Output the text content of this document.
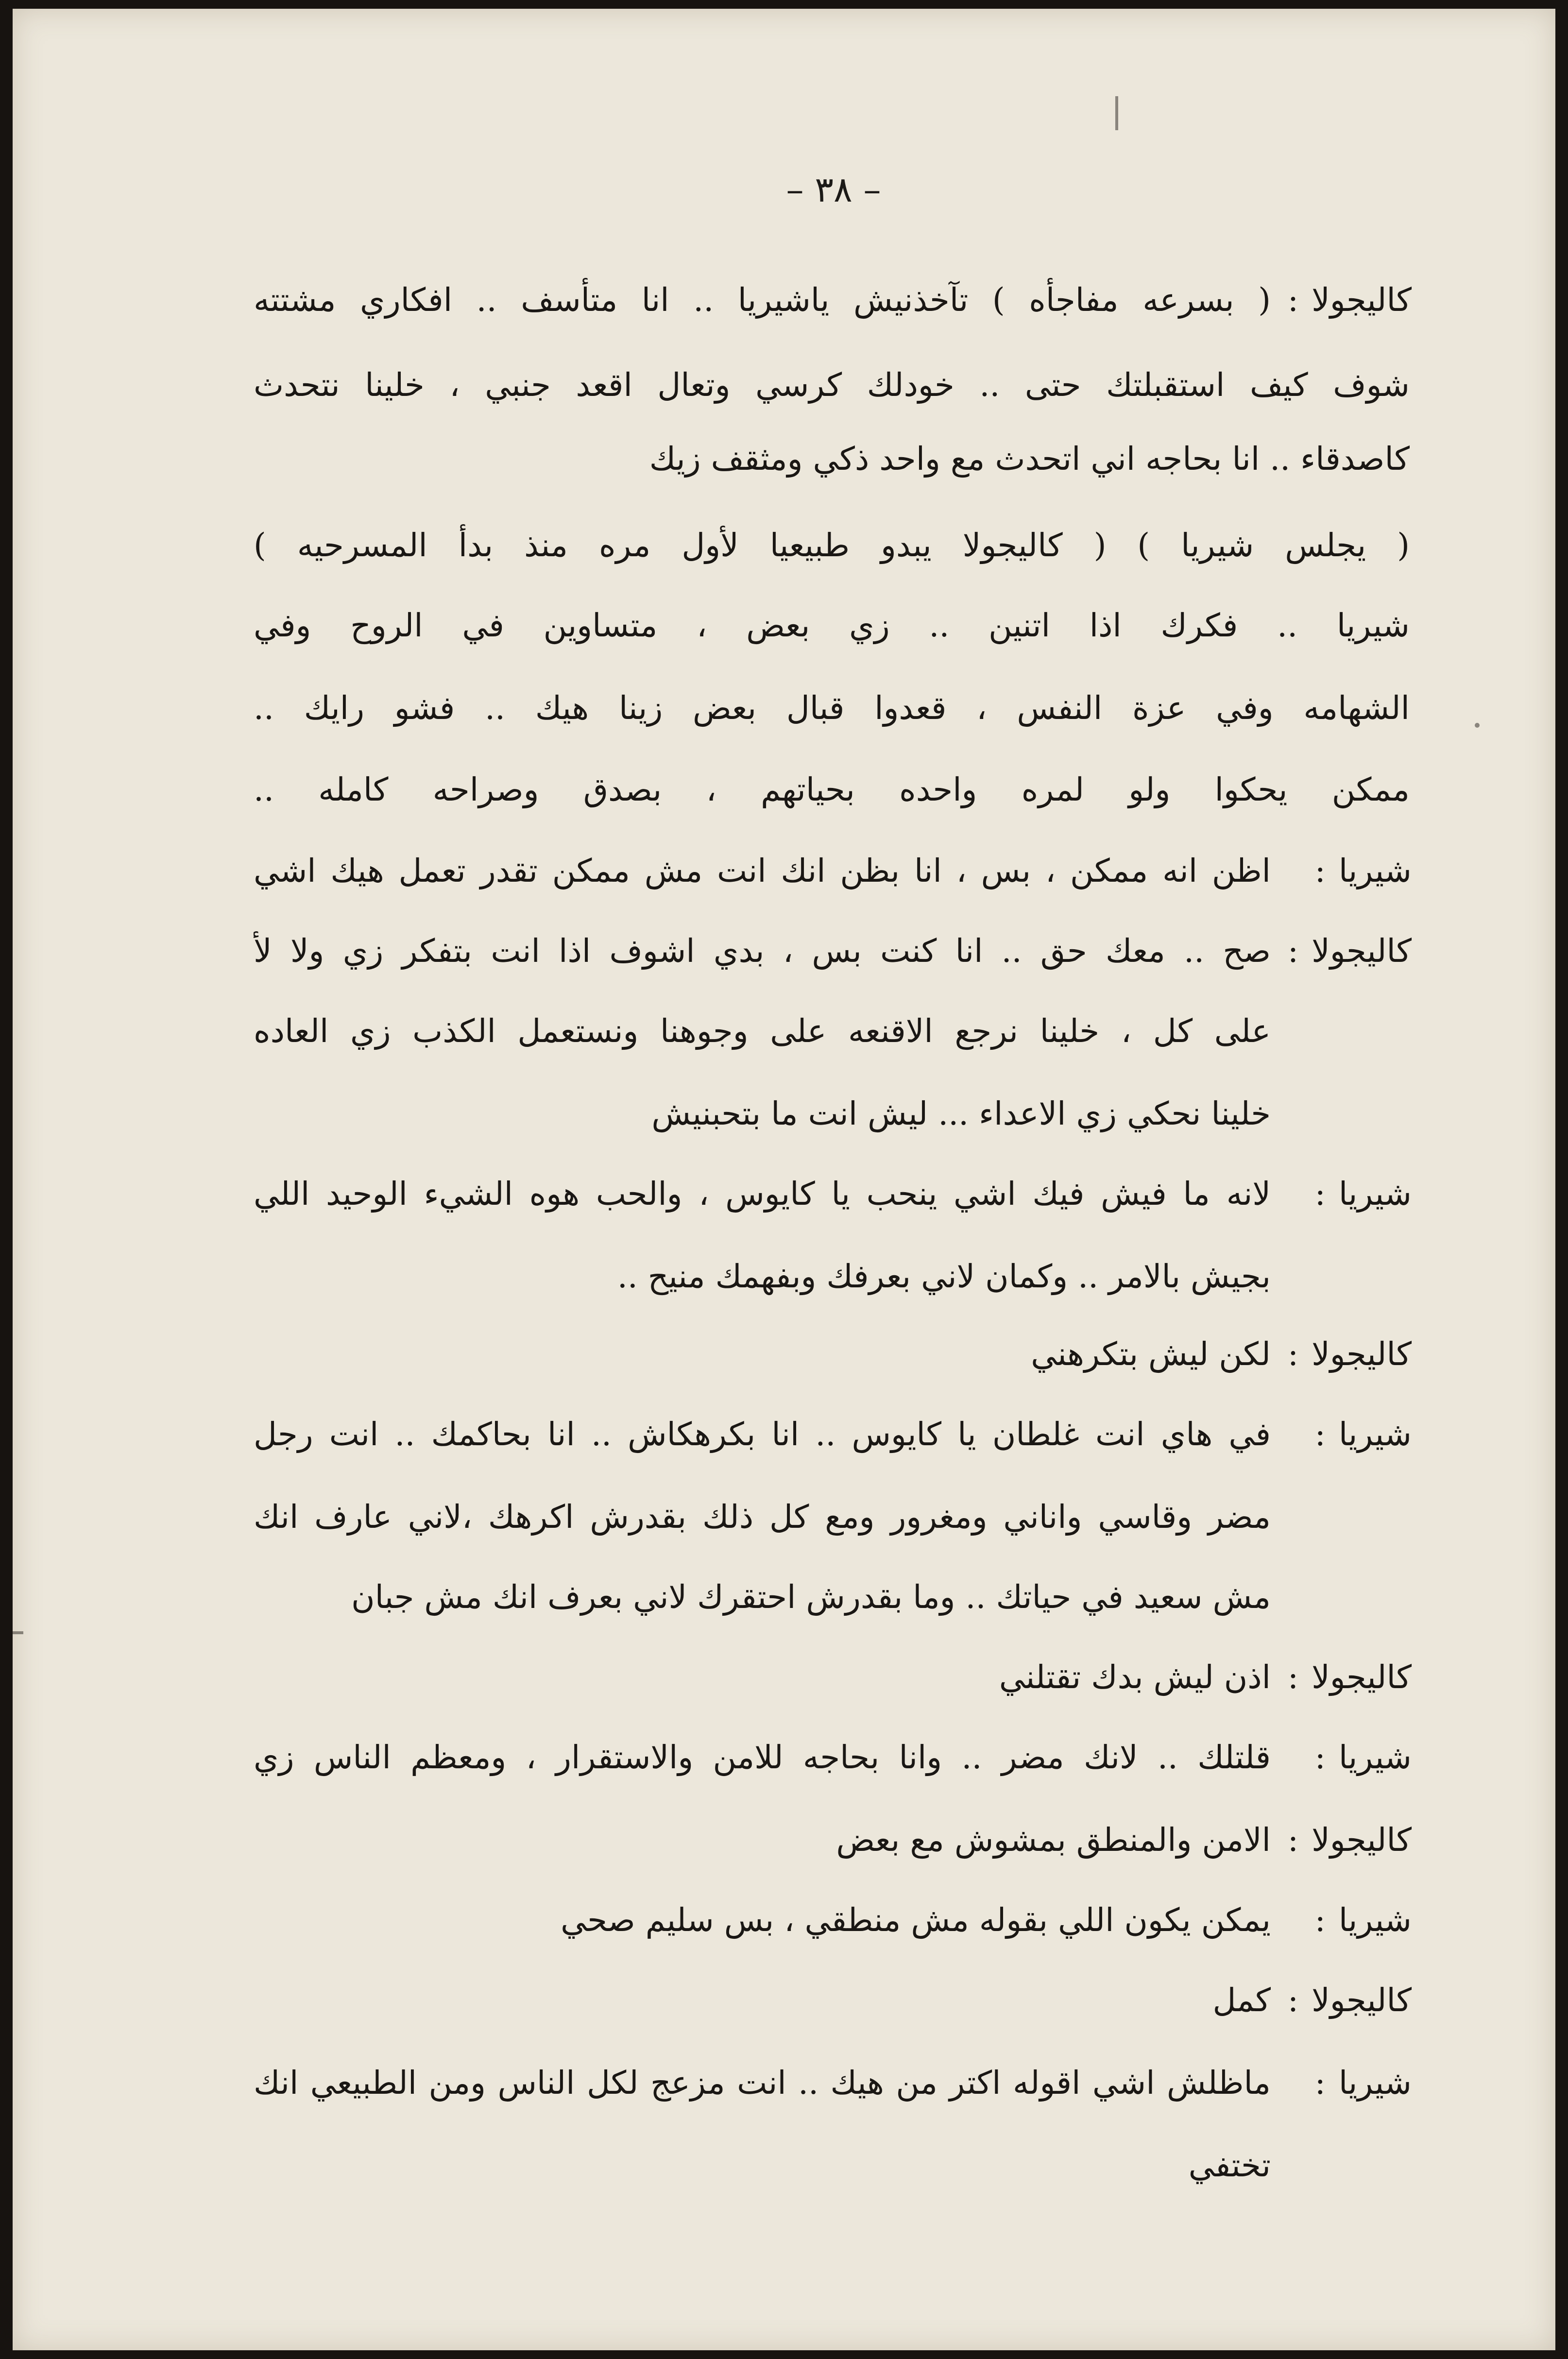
– ٣٨ –
كاليجولا :
( بسرعه مفاجأه ) تآخذنيش ياشيريا .. انا متأسف .. افكاري مشتته
شوف كيف استقبلتك حتى .. خودلك كرسي وتعال اقعد جنبي ، خلينا نتحدث
كاصدقاء .. انا بحاجه اني اتحدث مع واحد ذكي ومثقف زيك
( يجلس شيريا ) ( كاليجولا يبدو طبيعيا لأول مره منذ بدأ المسرحيه )
شيريا .. فكرك اذا اتنين .. زي بعض ، متساوين في الروح وفي
الشهامه وفي عزة النفس ، قعدوا قبال بعض زينا هيك .. فشو رايك ..
ممكن يحكوا ولو لمره واحده بحياتهم ، بصدق وصراحه كامله ..
شيريا :
اظن انه ممكن ، بس ، انا بظن انك انت مش ممكن تقدر تعمل هيك اشي
كاليجولا :
صح .. معك حق .. انا كنت بس ، بدي اشوف اذا انت بتفكر زي ولا لأ
على كل ، خلينا نرجع الاقنعه على وجوهنا ونستعمل الكذب زي العاده
خلينا نحكي زي الاعداء ... ليش انت ما بتحبنيش
شيريا :
لانه ما فيش فيك اشي ينحب يا كايوس ، والحب هوه الشيء الوحيد اللي
بجيش بالامر .. وكمان لاني بعرفك وبفهمك منيح ..
كاليجولا :
لكن ليش بتكرهني
شيريا :
في هاي انت غلطان يا كايوس .. انا بكرهكاش .. انا بحاكمك .. انت رجل
مضر وقاسي واناني ومغرور ومع كل ذلك بقدرش اكرهك ،لاني عارف انك
مش سعيد في حياتك .. وما بقدرش احتقرك لاني بعرف انك مش جبان
كاليجولا :
اذن ليش بدك تقتلني
شيريا :
قلتلك .. لانك مضر .. وانا بحاجه للامن والاستقرار ، ومعظم الناس زي
كاليجولا :
الامن والمنطق بمشوش مع بعض
شيريا :
يمكن يكون اللي بقوله مش منطقي ، بس سليم صحي
كاليجولا :
كمل
شيريا :
ماظلش اشي اقوله اكتر من هيك .. انت مزعج لكل الناس ومن الطبيعي انك
تختفي
